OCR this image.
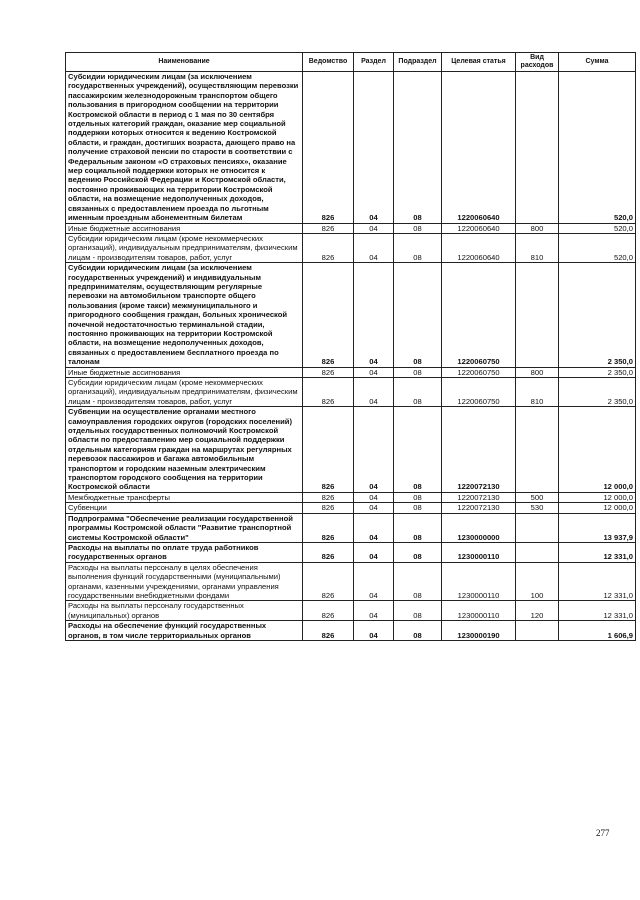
Наименование	Ведомство	Раздел	Подраздел	Целевая статья	Вид расходов	Сумма
Субсидии юридическим лицам (за исключением государственных учреждений), осуществляющим перевозки пассажирским железнодорожным транспортом общего пользования в пригородном сообщении на территории Костромской области в период с 1 мая по 30 сентября отдельных категорий граждан, оказание мер социальной поддержки которых относится к ведению Костромской области, и граждан, достигших возраста, дающего право на получение страховой пенсии по старости в соответствии с Федеральным законом «О страховых пенсиях», оказание мер социальной поддержки которых не относится к ведению Российской Федерации и Костромской области, постоянно проживающих на территории Костромской области, на возмещение недополученных доходов, связанных с предоставлением проезда по льготным именным проездным абонементным билетам	826	04	08	1220060640		520,0
Иные бюджетные ассигнования	826	04	08	1220060640	800	520,0
Субсидии юридическим лицам (кроме некоммерческих организаций), индивидуальным предпринимателям, физическим лицам - производителям товаров, работ, услуг	826	04	08	1220060640	810	520,0
Субсидии юридическим лицам (за исключением государственных учреждений) и индивидуальным предпринимателям, осуществляющим регулярные перевозки на автомобильном транспорте общего пользования (кроме такси) межмуниципального и пригородного сообщения граждан, больных хронической почечной недостаточностью терминальной стадии, постоянно проживающих на территории Костромской области, на возмещение недополученных доходов, связанных с предоставлением бесплатного проезда по талонам	826	04	08	1220060750		2 350,0
Иные бюджетные ассигнования	826	04	08	1220060750	800	2 350,0
Субсидии юридическим лицам (кроме некоммерческих организаций), индивидуальным предпринимателям, физическим лицам - производителям товаров, работ, услуг	826	04	08	1220060750	810	2 350,0
Субвенции на осуществление органами местного самоуправления городских округов (городских поселений) отдельных государственных полномочий Костромской области по предоставлению мер социальной поддержки отдельным категориям граждан на маршрутах регулярных перевозок пассажиров и багажа автомобильным транспортом и городским наземным электрическим транспортом городского сообщения на территории Костромской области	826	04	08	1220072130		12 000,0
Межбюджетные трансферты	826	04	08	1220072130	500	12 000,0
Субвенции	826	04	08	1220072130	530	12 000,0
Подпрограмма "Обеспечение реализации государственной программы Костромской области "Развитие транспортной системы Костромской области"	826	04	08	1230000000		13 937,9
Расходы на выплаты по оплате труда работников государственных органов	826	04	08	1230000110		12 331,0
Расходы на выплаты персоналу в целях обеспечения выполнения функций государственными (муниципальными) органами, казенными учреждениями, органами управления государственными внебюджетными фондами	826	04	08	1230000110	100	12 331,0
Расходы на выплаты персоналу государственных (муниципальных) органов	826	04	08	1230000110	120	12 331,0
Расходы на обеспечение функций государственных органов, в том числе территориальных органов	826	04	08	1230000190		1 606,9
277
